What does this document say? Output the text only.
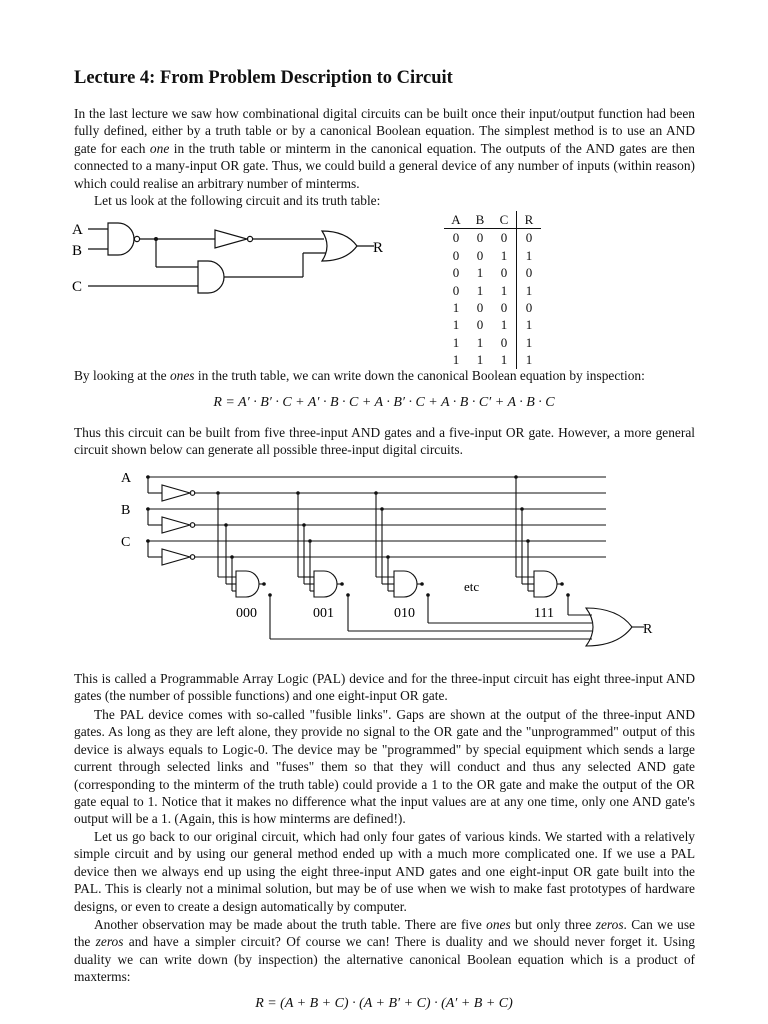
Lecture 4: From Problem Description to Circuit

In the last lecture we saw how combinational digital circuits can be built once their input/output function had been fully defined, either by a truth table or by a canonical Boolean equation. The simplest method is to use an AND gate for each one in the truth table or minterm in the canonical equation. The outputs of the AND gates are then connected to a many-input OR gate. Thus, we could build a general device of any number of inputs (within reason) which could realise an arbitrary number of minterms.

Let us look at the following circuit and its truth table:

A
B
C
R
A	B	C	R
0	0	0	0
0	0	1	1
0	1	0	0
0	1	1	1
1	0	0	0
1	0	1	1
1	1	0	1
1	1	1	1

By looking at the ones in the truth table, we can write down the canonical Boolean equation by inspection:

R = A′ · B′ · C + A′ · B · C + A · B′ · C + A · B · C′ + A · B · C

Thus this circuit can be built from five three-input AND gates and a five-input OR gate. However, a more general circuit shown below can generate all possible three-input digital circuits.

A
B
C
000	001	010	111
etc
R

This is called a Programmable Array Logic (PAL) device and for the three-input circuit has eight three-input AND gates (the number of possible functions) and one eight-input OR gate.

The PAL device comes with so-called "fusible links". Gaps are shown at the output of the three-input AND gates. As long as they are left alone, they provide no signal to the OR gate and the "unprogrammed" output of this device is always equals to Logic-0. The device may be "programmed" by special equipment which sends a large current through selected links and "fuses" them so that they will conduct and thus any selected AND gate (corresponding to the minterm of the truth table) could provide a 1 to the OR gate and make the output of the OR gate equal to 1. Notice that it makes no difference what the input values are at any one time, only one AND gate's output will be a 1. (Again, this is how minterms are defined!).

Let us go back to our original circuit, which had only four gates of various kinds. We started with a relatively simple circuit and by using our general method ended up with a much more complicated one. If we use a PAL device then we always end up using the eight three-input AND gates and one eight-input OR gate built into the PAL. This is clearly not a minimal solution, but may be of use when we wish to make fast prototypes of hardware designs, or even to create a design automatically by computer.

Another observation may be made about the truth table. There are five ones but only three zeros. Can we use the zeros and have a simpler circuit? Of course we can! There is duality and we should never forget it. Using duality we can write down (by inspection) the alternative canonical Boolean equation which is a product of maxterms:

R = (A + B + C) · (A + B′ + C) · (A′ + B + C)
